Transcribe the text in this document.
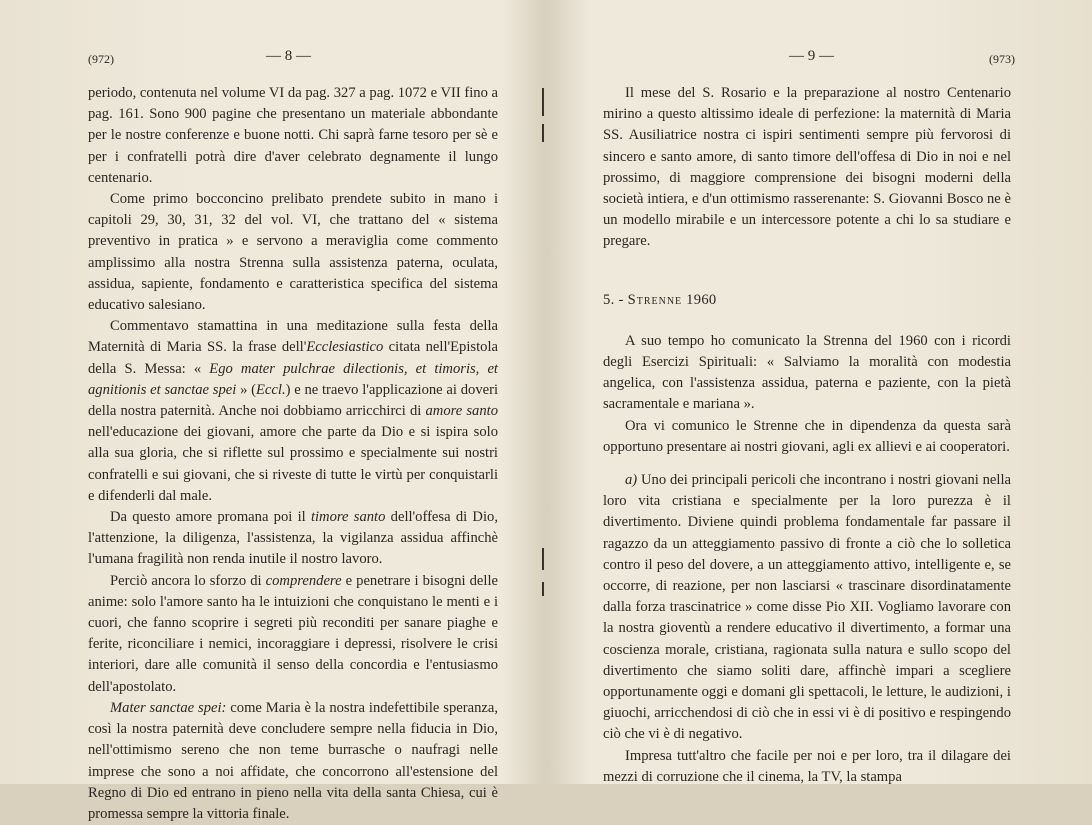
(972)	— 8 —

periodo, contenuta nel volume VI da pag. 327 a pag. 1072 e VII fino a pag. 161. Sono 900 pagine che presentano un materiale abbondante per le nostre conferenze e buone notti. Chi saprà farne tesoro per sè e per i confratelli potrà dire d'aver celebrato degnamente il lungo centenario.

Come primo bocconcino prelibato prendete subito in mano i capitoli 29, 30, 31, 32 del vol. VI, che trattano del « sistema preventivo in pratica » e servono a meraviglia come commento amplissimo alla nostra Strenna sulla assistenza paterna, oculata, assidua, sapiente, fondamento e caratteristica specifica del sistema educativo salesiano.

Commentavo stamattina in una meditazione sulla festa della Maternità di Maria SS. la frase dell'Ecclesiastico citata nell'Epistola della S. Messa: « Ego mater pulchrae dilectionis, et timoris, et agnitionis et sanctae spei » (Eccl.) e ne traevo l'applicazione ai doveri della nostra paternità. Anche noi dobbiamo arricchirci di amore santo nell'educazione dei giovani, amore che parte da Dio e si ispira solo alla sua gloria, che si riflette sul prossimo e specialmente sui nostri confratelli e sui giovani, che si riveste di tutte le virtù per conquistarli e difenderli dal male.

Da questo amore promana poi il timore santo dell'offesa di Dio, l'attenzione, la diligenza, l'assistenza, la vigilanza assidua affinchè l'umana fragilità non renda inutile il nostro lavoro.

Perciò ancora lo sforzo di comprendere e penetrare i bisogni delle anime: solo l'amore santo ha le intuizioni che conquistano le menti e i cuori, che fanno scoprire i segreti più reconditi per sanare piaghe e ferite, riconciliare i nemici, incoraggiare i depressi, risolvere le crisi interiori, dare alle comunità il senso della concordia e l'entusiasmo dell'apostolato.

Mater sanctae spei: come Maria è la nostra indefettibile speranza, così la nostra paternità deve concludere sempre nella fiducia in Dio, nell'ottimismo sereno che non teme burrasche o naufragi nelle imprese che sono a noi affidate, che concorrono all'estensione del Regno di Dio ed entrano in pieno nella vita della santa Chiesa, cui è promessa sempre la vittoria finale.

— 9 —	(973)

Il mese del S. Rosario e la preparazione al nostro Centenario mirino a questo altissimo ideale di perfezione: la maternità di Maria SS. Ausiliatrice nostra ci ispiri sentimenti sempre più fervorosi di sincero e santo amore, di santo timore dell'offesa di Dio in noi e nel prossimo, di maggiore comprensione dei bisogni moderni della società intiera, e d'un ottimismo rasserenante: S. Giovanni Bosco ne è un modello mirabile e un intercessore potente a chi lo sa studiare e pregare.

5. - Strenne 1960

A suo tempo ho comunicato la Strenna del 1960 con i ricordi degli Esercizi Spirituali: « Salviamo la moralità con modestia angelica, con l'assistenza assidua, paterna e paziente, con la pietà sacramentale e mariana ».

Ora vi comunico le Strenne che in dipendenza da questa sarà opportuno presentare ai nostri giovani, agli ex allievi e ai cooperatori.

a) Uno dei principali pericoli che incontrano i nostri giovani nella loro vita cristiana e specialmente per la loro purezza è il divertimento. Diviene quindi problema fondamentale far passare il ragazzo da un atteggiamento passivo di fronte a ciò che lo solletica contro il peso del dovere, a un atteggiamento attivo, intelligente e, se occorre, di reazione, per non lasciarsi « trascinare disordinatamente dalla forza trascinatrice » come disse Pio XII. Vogliamo lavorare con la nostra gioventù a rendere educativo il divertimento, a formar una coscienza morale, cristiana, ragionata sulla natura e sullo scopo del divertimento che siamo soliti dare, affinchè impari a scegliere opportunamente oggi e domani gli spettacoli, le letture, le audizioni, i giuochi, arricchendosi di ciò che in essi vi è di positivo e respingendo ciò che vi è di negativo.

Impresa tutt'altro che facile per noi e per loro, tra il dilagare dei mezzi di corruzione che il cinema, la TV, la stampa
